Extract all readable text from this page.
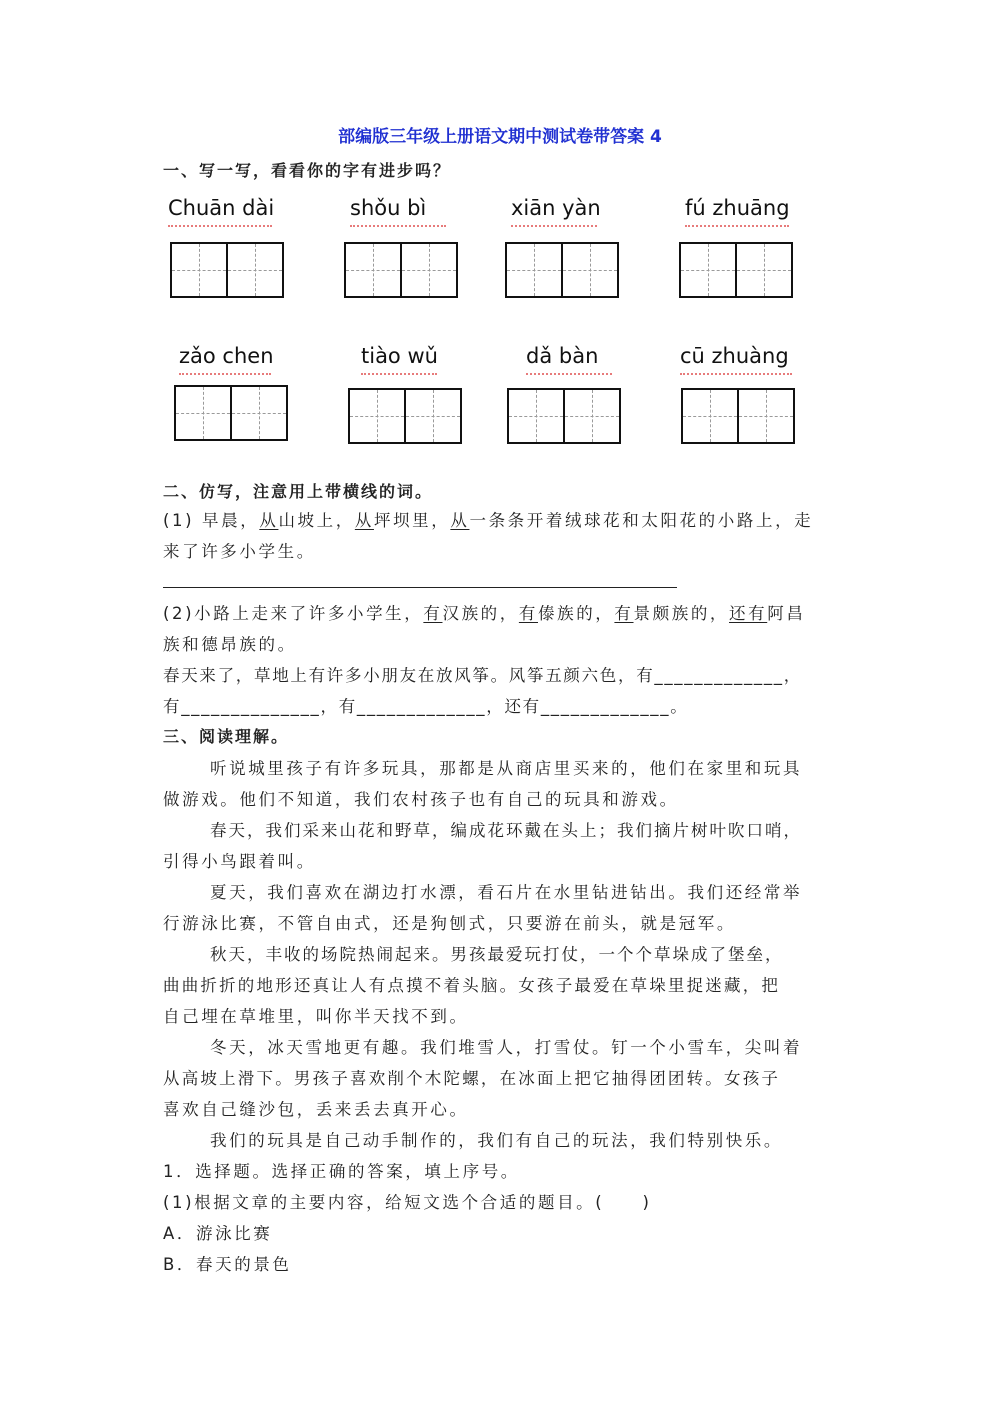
部编版三年级上册语文期中测试卷带答案 4
一、写一写，看看你的字有进步吗？
Chuān dài	shǒu bì	xiān yàn	fú zhuāng
zǎo chen	tiào wǔ	dǎ bàn	cū zhuàng
二、仿写，注意用上带横线的词。
(1) 早晨，从山坡上，从坪坝里，从一条条开着绒球花和太阳花的小路上，走
来了许多小学生。
(2)小路上走来了许多小学生，有汉族的，有傣族的，有景颇族的，还有阿昌
族和德昂族的。
春天来了，草地上有许多小朋友在放风筝。风筝五颜六色，有_____________，
有______________，有_____________，还有_____________。
三、阅读理解。
听说城里孩子有许多玩具，那都是从商店里买来的，他们在家里和玩具
做游戏。他们不知道，我们农村孩子也有自己的玩具和游戏。
春天，我们采来山花和野草，编成花环戴在头上；我们摘片树叶吹口哨，
引得小鸟跟着叫。
夏天，我们喜欢在湖边打水漂，看石片在水里钻进钻出。我们还经常举
行游泳比赛，不管自由式，还是狗刨式，只要游在前头，就是冠军。
秋天，丰收的场院热闹起来。男孩最爱玩打仗，一个个草垛成了堡垒，
曲曲折折的地形还真让人有点摸不着头脑。女孩子最爱在草垛里捉迷藏，把
自己埋在草堆里，叫你半天找不到。
冬天，冰天雪地更有趣。我们堆雪人，打雪仗。钉一个小雪车，尖叫着
从高坡上滑下。男孩子喜欢削个木陀螺，在冰面上把它抽得团团转。女孩子
喜欢自己缝沙包，丢来丢去真开心。
我们的玩具是自己动手制作的，我们有自己的玩法，我们特别快乐。
1．选择题。选择正确的答案，填上序号。
(1)根据文章的主要内容，给短文选个合适的题目。(　　)
A．游泳比赛
B．春天的景色
